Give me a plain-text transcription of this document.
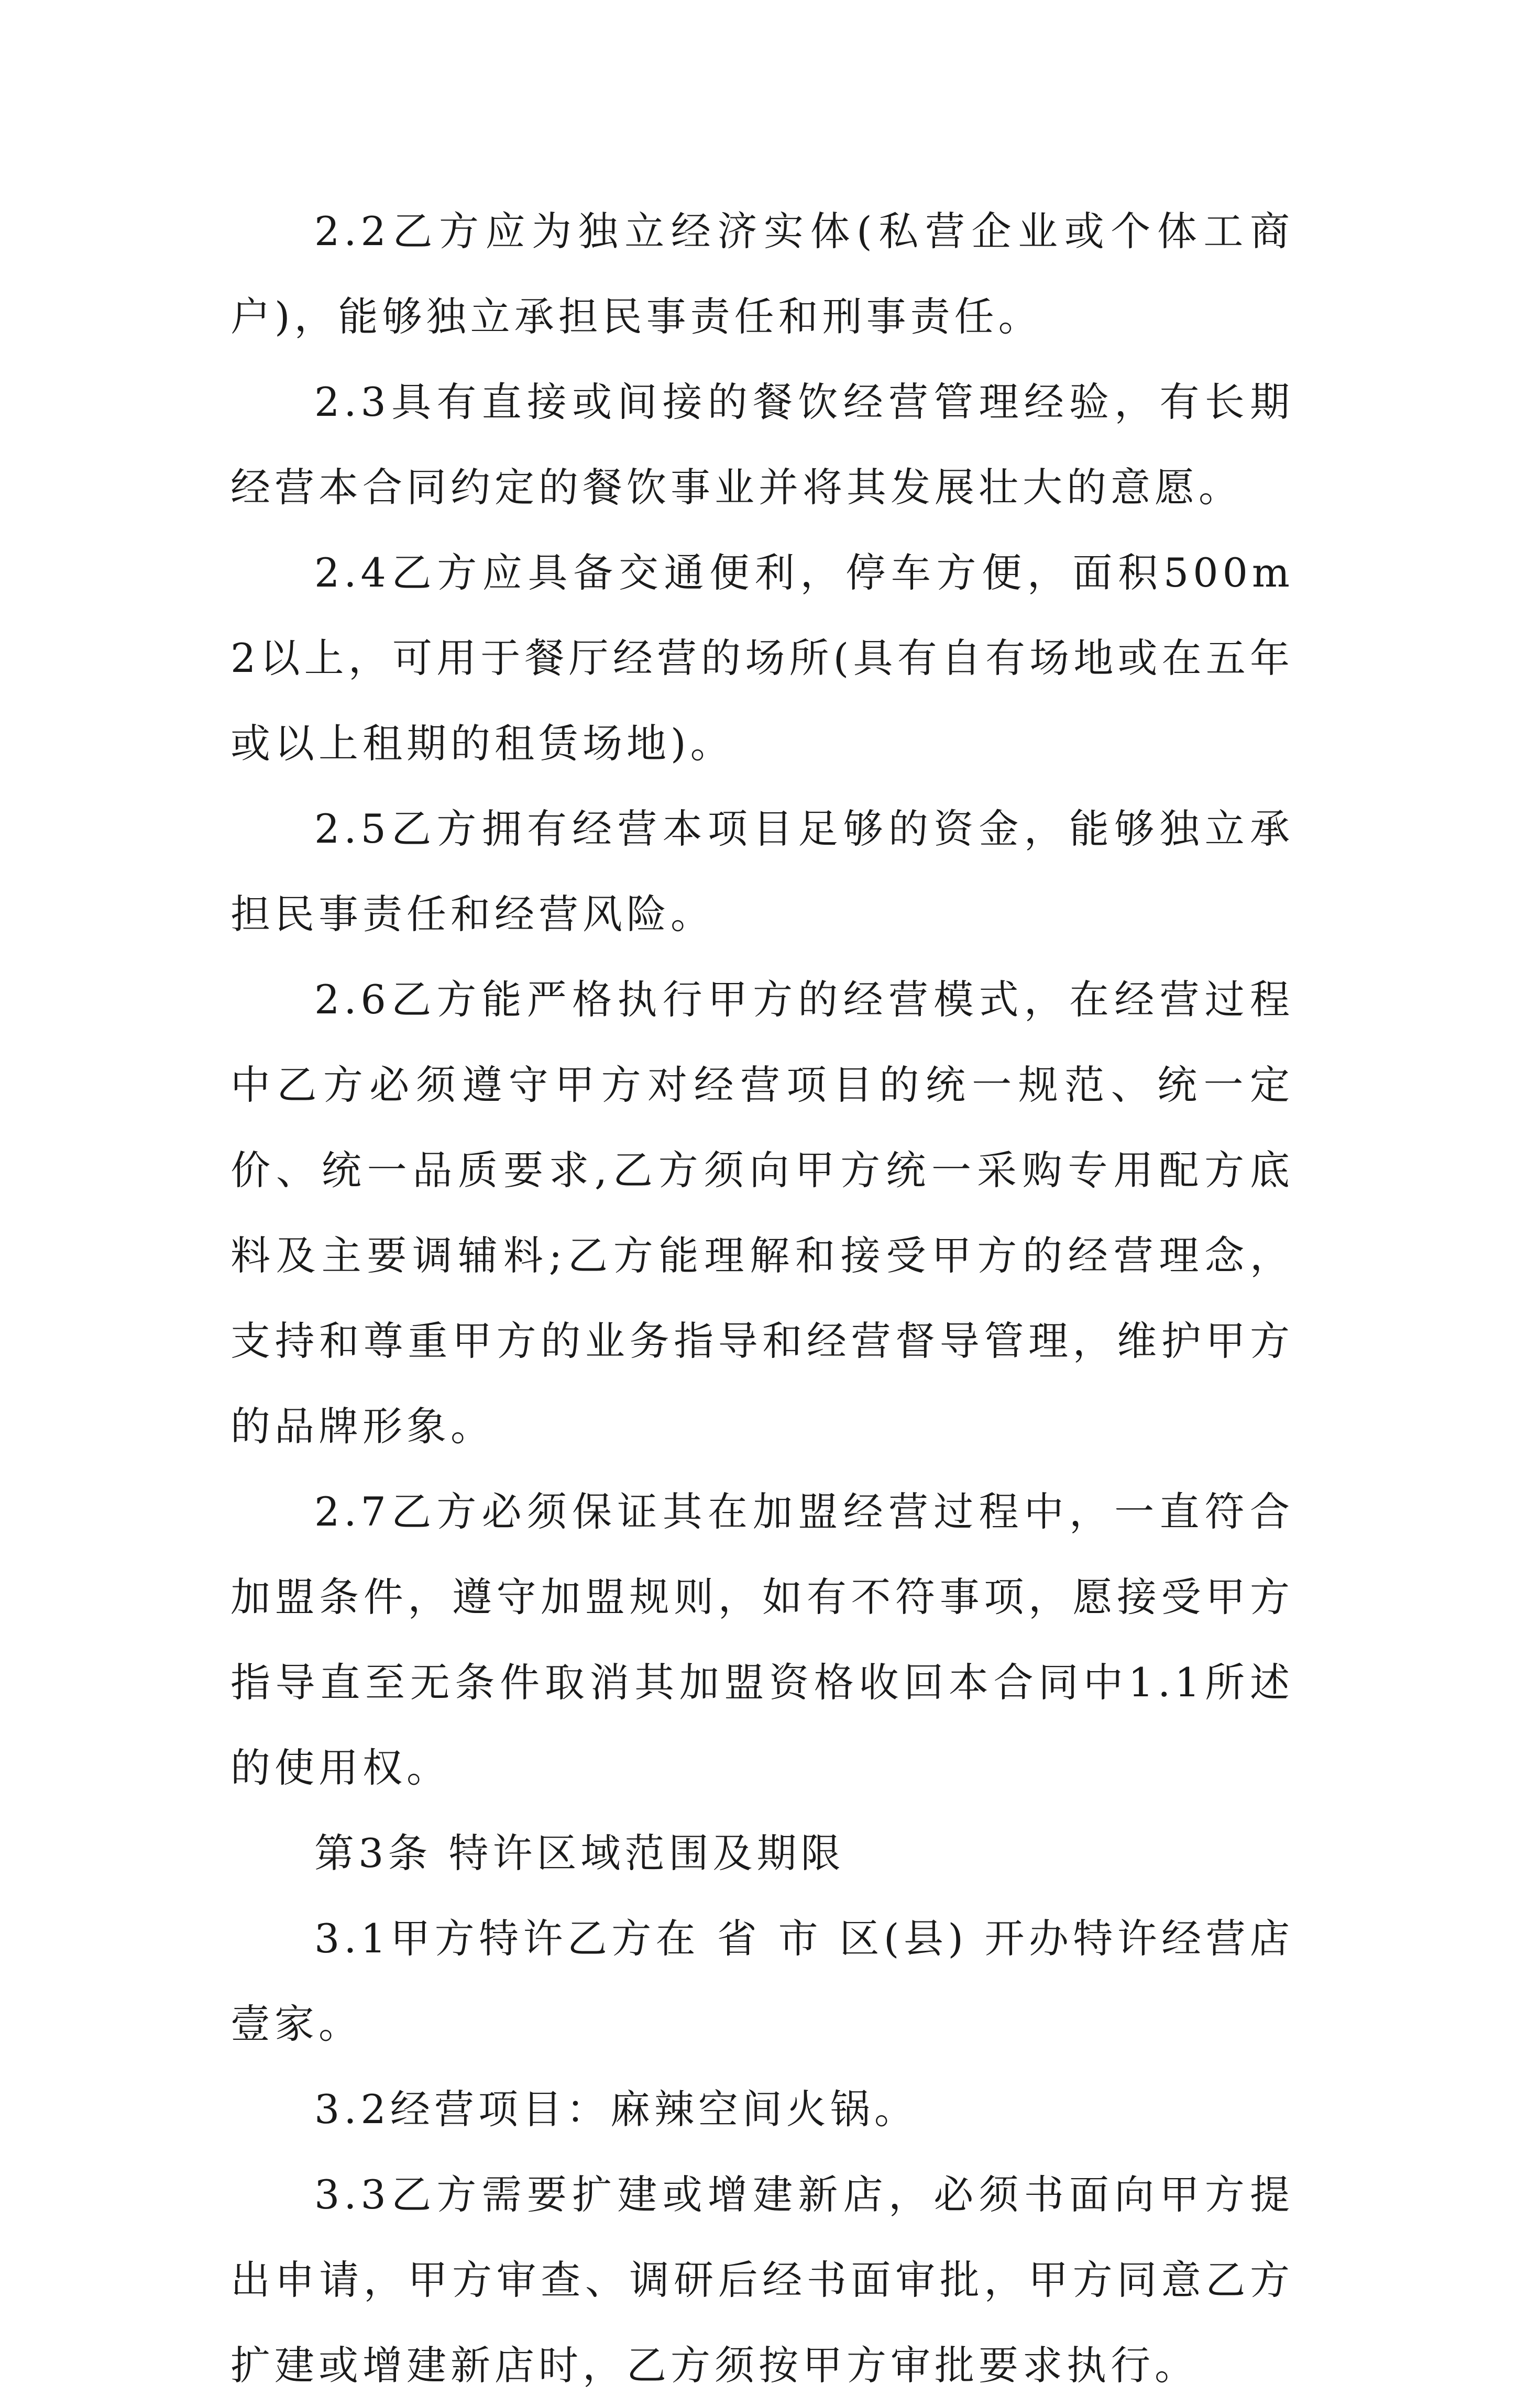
2.2乙方应为独立经济实体(私营企业或个体工商户)，能够独立承担民事责任和刑事责任。

2.3具有直接或间接的餐饮经营管理经验，有长期经营本合同约定的餐饮事业并将其发展壮大的意愿。

2.4乙方应具备交通便利，停车方便，面积500m2以上，可用于餐厅经营的场所(具有自有场地或在五年或以上租期的租赁场地)。

2.5乙方拥有经营本项目足够的资金，能够独立承担民事责任和经营风险。

2.6乙方能严格执行甲方的经营模式，在经营过程中乙方必须遵守甲方对经营项目的统一规范、统一定价、统一品质要求,乙方须向甲方统一采购专用配方底料及主要调辅料;乙方能理解和接受甲方的经营理念，支持和尊重甲方的业务指导和经营督导管理，维护甲方的品牌形象。

2.7乙方必须保证其在加盟经营过程中，一直符合加盟条件，遵守加盟规则，如有不符事项，愿接受甲方指导直至无条件取消其加盟资格收回本合同中1.1所述的使用权。

第3条 特许区域范围及期限

3.1甲方特许乙方在 省 市 区(县) 开办特许经营店壹家。

3.2经营项目：麻辣空间火锅。

3.3乙方需要扩建或增建新店，必须书面向甲方提出申请，甲方审查、调研后经书面审批，甲方同意乙方扩建或增建新店时，乙方须按甲方审批要求执行。
